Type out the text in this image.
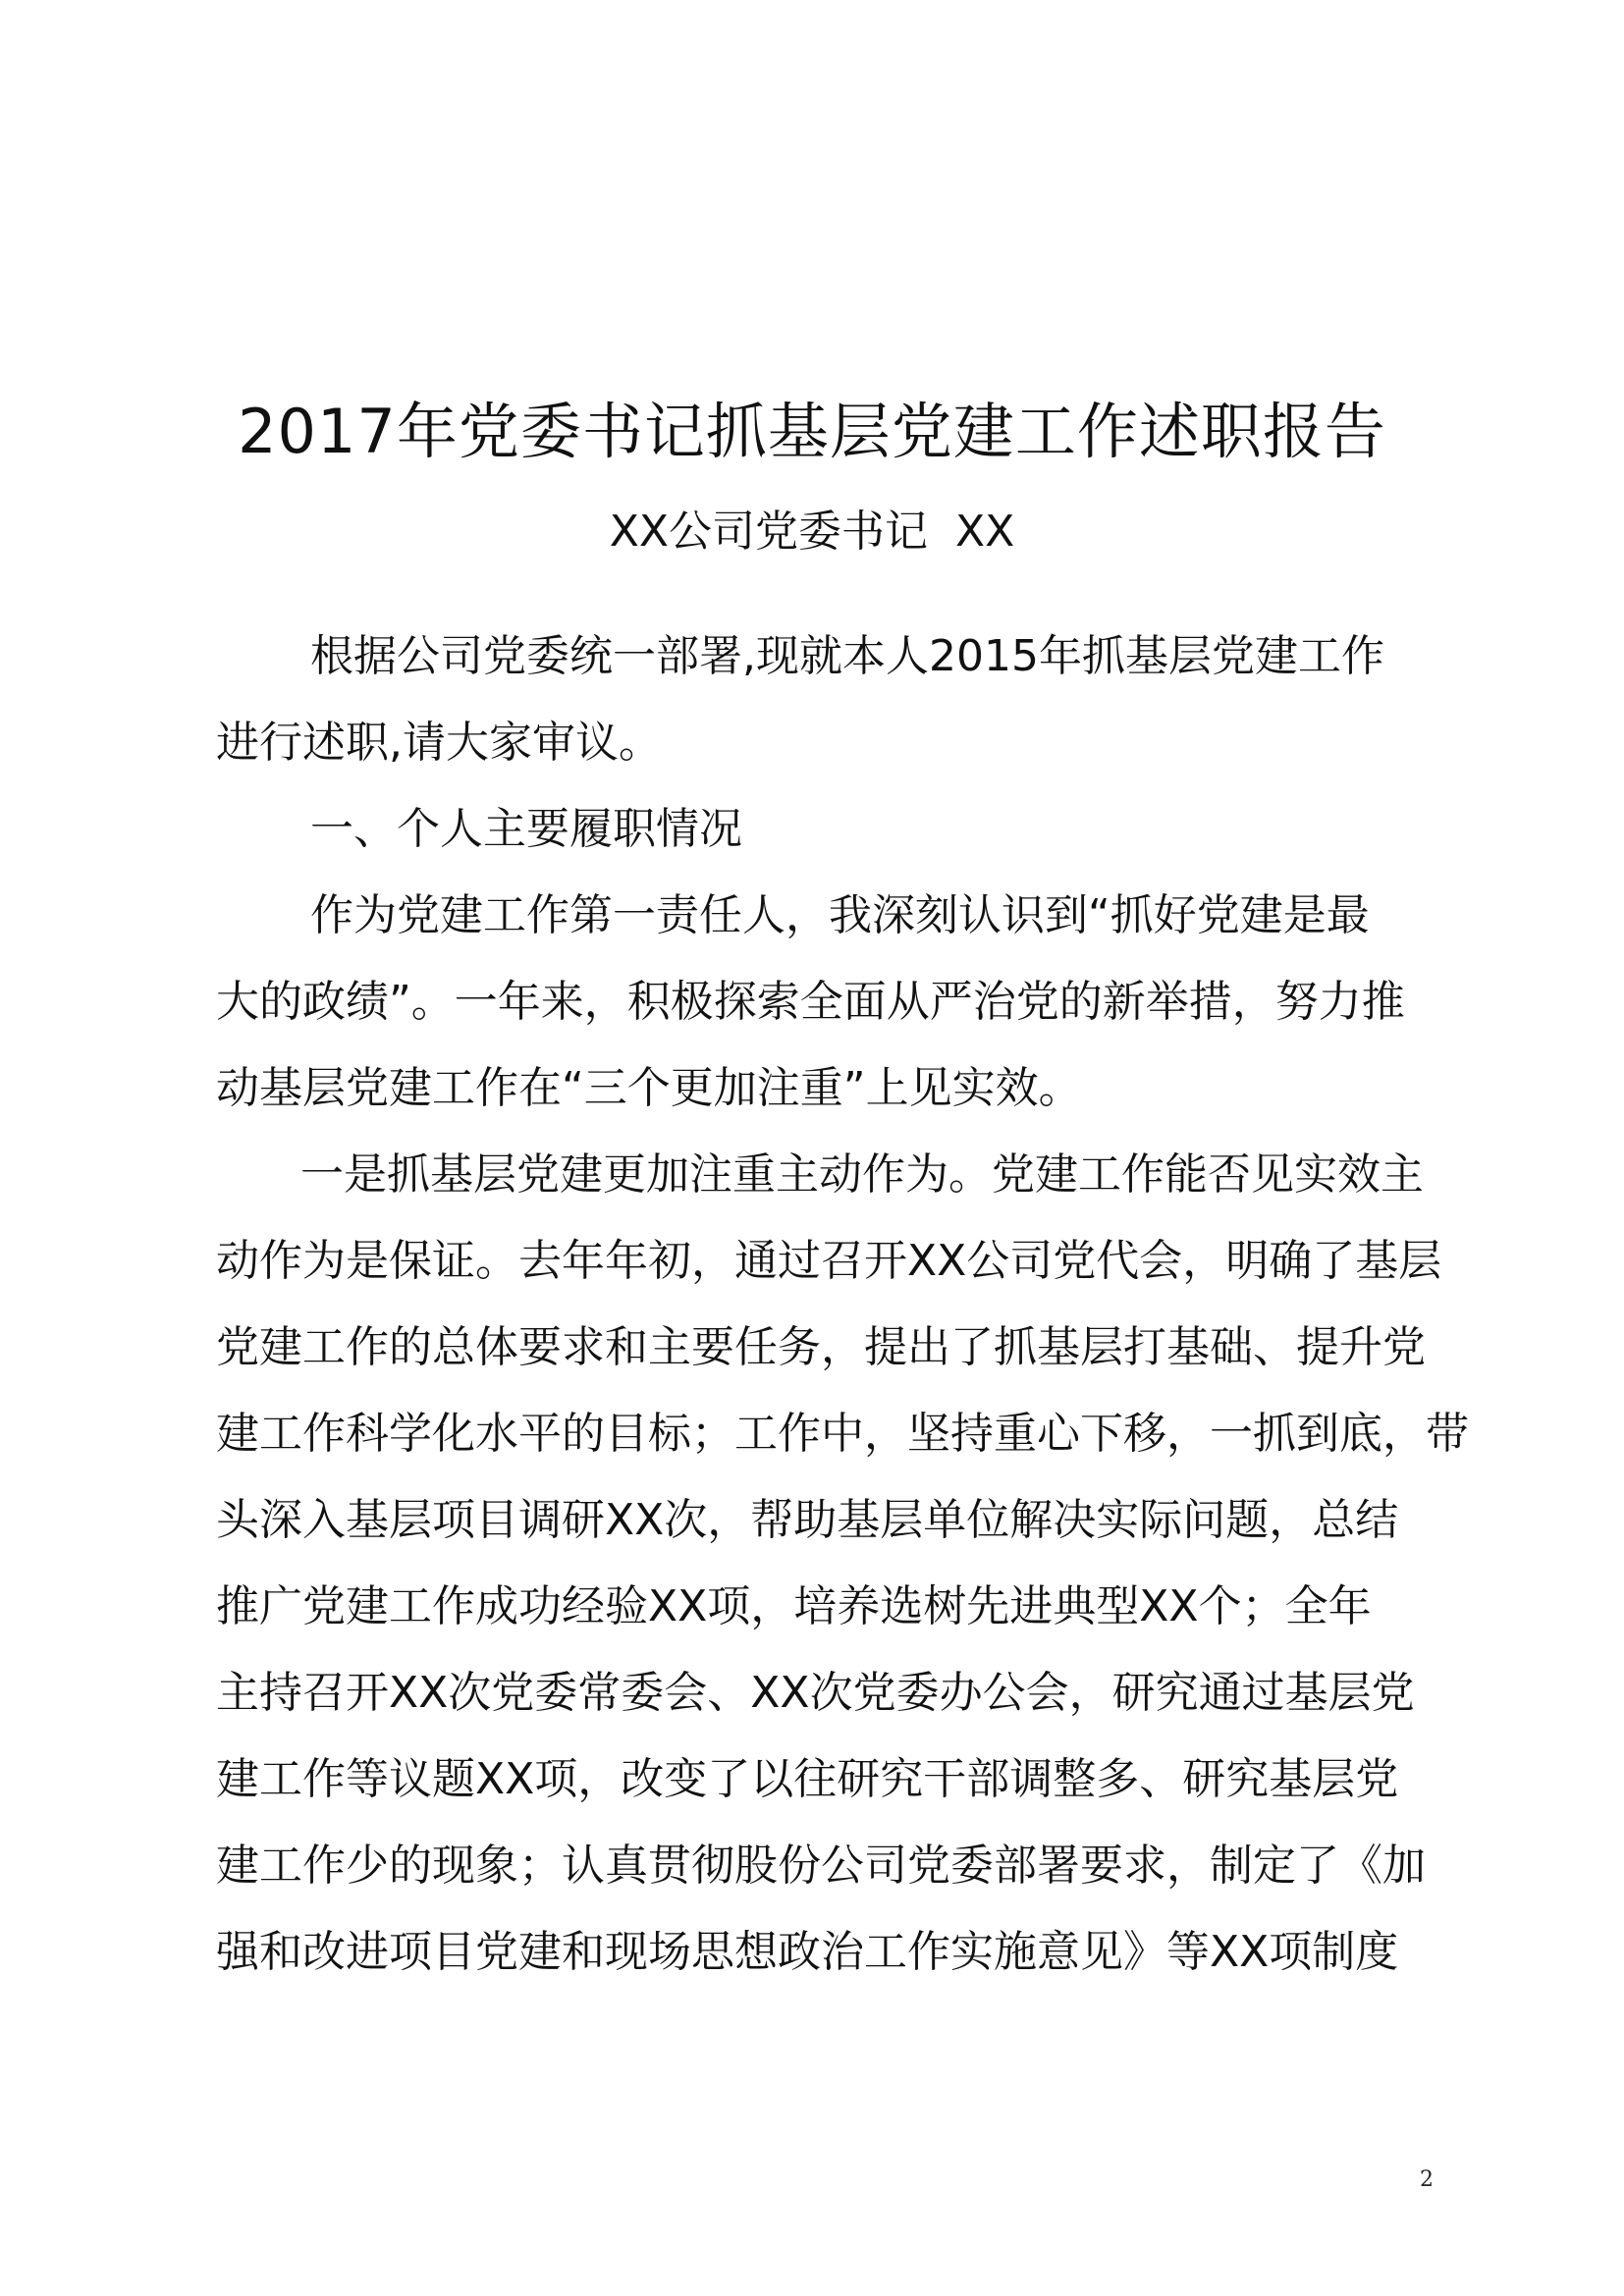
2017年党委书记抓基层党建工作述职报告
XX公司党委书记  XX
根据公司党委统一部署,现就本人2015年抓基层党建工作
进行述职,请大家审议。
一、个人主要履职情况
作为党建工作第一责任人，我深刻认识到“抓好党建是最
大的政绩”。一年来，积极探索全面从严治党的新举措，努力推
动基层党建工作在“三个更加注重”上见实效。
一是抓基层党建更加注重主动作为。党建工作能否见实效主
动作为是保证。去年年初，通过召开XX公司党代会，明确了基层
党建工作的总体要求和主要任务，提出了抓基层打基础、提升党
建工作科学化水平的目标；工作中，坚持重心下移，一抓到底，带
头深入基层项目调研XX次，帮助基层单位解决实际问题，总结
推广党建工作成功经验XX项，培养选树先进典型XX个；全年
主持召开XX次党委常委会、XX次党委办公会，研究通过基层党
建工作等议题XX项，改变了以往研究干部调整多、研究基层党
建工作少的现象；认真贯彻股份公司党委部署要求，制定了《加
强和改进项目党建和现场思想政治工作实施意见》等XX项制度
2
